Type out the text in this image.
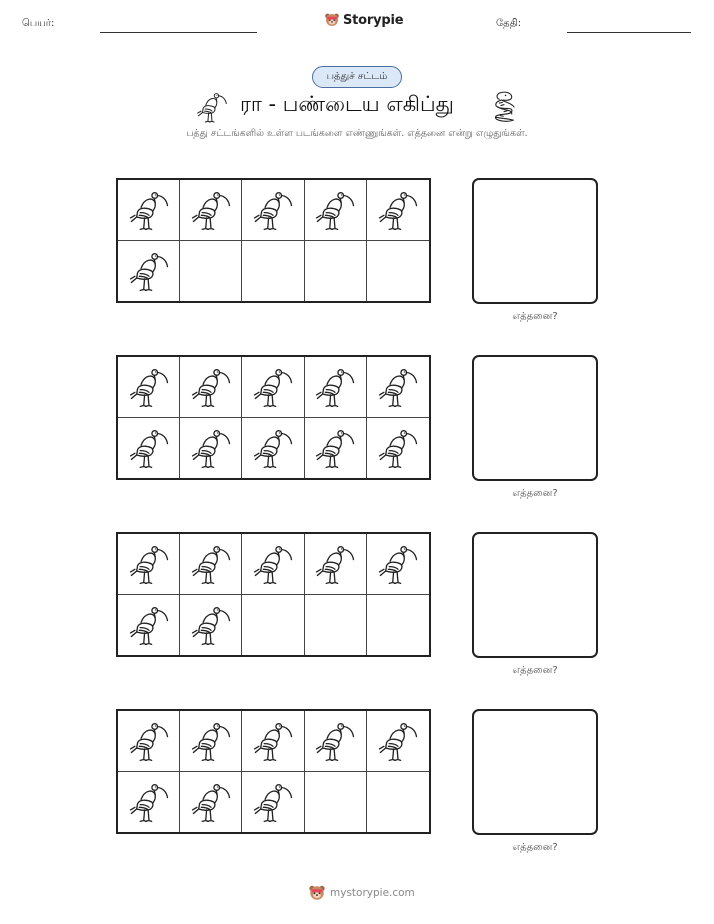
பெயர்:	Storypie	தேதி:
பத்துச் சட்டம்
ரா - பண்டைய எகிப்து
பத்து சட்டங்களில் உள்ள படங்களை எண்ணுங்கள். எத்தனை என்று எழுதுங்கள்.
எத்தனை?
எத்தனை?
எத்தனை?
எத்தனை?
mystorypie.com
